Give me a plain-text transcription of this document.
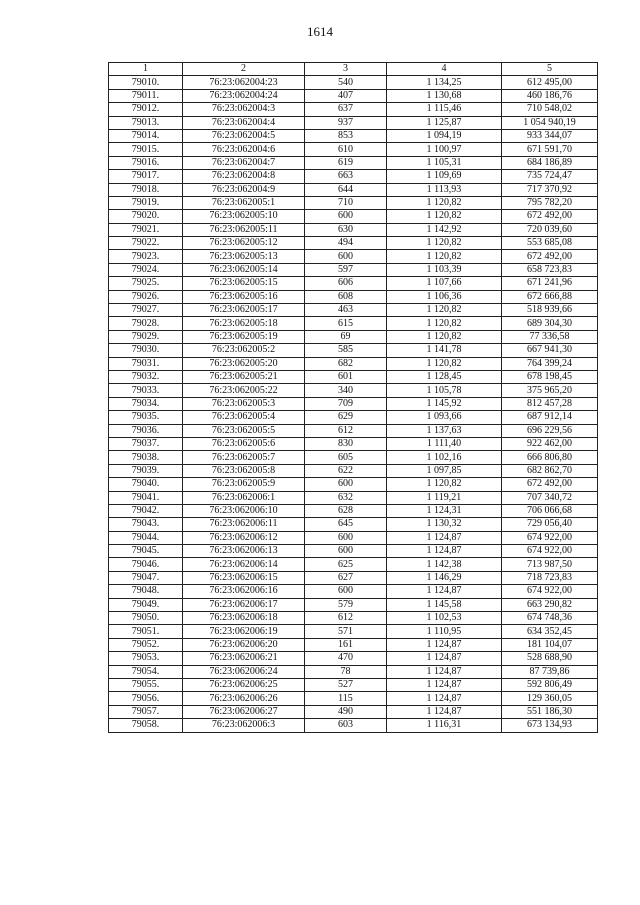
1614
1	2	3	4	5
79010.	76:23:062004:23	540	1 134,25	612 495,00
79011.	76:23:062004:24	407	1 130,68	460 186,76
79012.	76:23:062004:3	637	1 115,46	710 548,02
79013.	76:23:062004:4	937	1 125,87	1 054 940,19
79014.	76:23:062004:5	853	1 094,19	933 344,07
79015.	76:23:062004:6	610	1 100,97	671 591,70
79016.	76:23:062004:7	619	1 105,31	684 186,89
79017.	76:23:062004:8	663	1 109,69	735 724,47
79018.	76:23:062004:9	644	1 113,93	717 370,92
79019.	76:23:062005:1	710	1 120,82	795 782,20
79020.	76:23:062005:10	600	1 120,82	672 492,00
79021.	76:23:062005:11	630	1 142,92	720 039,60
79022.	76:23:062005:12	494	1 120,82	553 685,08
79023.	76:23:062005:13	600	1 120,82	672 492,00
79024.	76:23:062005:14	597	1 103,39	658 723,83
79025.	76:23:062005:15	606	1 107,66	671 241,96
79026.	76:23:062005:16	608	1 106,36	672 666,88
79027.	76:23:062005:17	463	1 120,82	518 939,66
79028.	76:23:062005:18	615	1 120,82	689 304,30
79029.	76:23:062005:19	69	1 120,82	77 336,58
79030.	76:23:062005:2	585	1 141,78	667 941,30
79031.	76:23:062005:20	682	1 120,82	764 399,24
79032.	76:23:062005:21	601	1 128,45	678 198,45
79033.	76:23:062005:22	340	1 105,78	375 965,20
79034.	76:23:062005:3	709	1 145,92	812 457,28
79035.	76:23:062005:4	629	1 093,66	687 912,14
79036.	76:23:062005:5	612	1 137,63	696 229,56
79037.	76:23:062005:6	830	1 111,40	922 462,00
79038.	76:23:062005:7	605	1 102,16	666 806,80
79039.	76:23:062005:8	622	1 097,85	682 862,70
79040.	76:23:062005:9	600	1 120,82	672 492,00
79041.	76:23:062006:1	632	1 119,21	707 340,72
79042.	76:23:062006:10	628	1 124,31	706 066,68
79043.	76:23:062006:11	645	1 130,32	729 056,40
79044.	76:23:062006:12	600	1 124,87	674 922,00
79045.	76:23:062006:13	600	1 124,87	674 922,00
79046.	76:23:062006:14	625	1 142,38	713 987,50
79047.	76:23:062006:15	627	1 146,29	718 723,83
79048.	76:23:062006:16	600	1 124,87	674 922,00
79049.	76:23:062006:17	579	1 145,58	663 290,82
79050.	76:23:062006:18	612	1 102,53	674 748,36
79051.	76:23:062006:19	571	1 110,95	634 352,45
79052.	76:23:062006:20	161	1 124,87	181 104,07
79053.	76:23:062006:21	470	1 124,87	528 688,90
79054.	76:23:062006:24	78	1 124,87	87 739,86
79055.	76:23:062006:25	527	1 124,87	592 806,49
79056.	76:23:062006:26	115	1 124,87	129 360,05
79057.	76:23:062006:27	490	1 124,87	551 186,30
79058.	76:23:062006:3	603	1 116,31	673 134,93
